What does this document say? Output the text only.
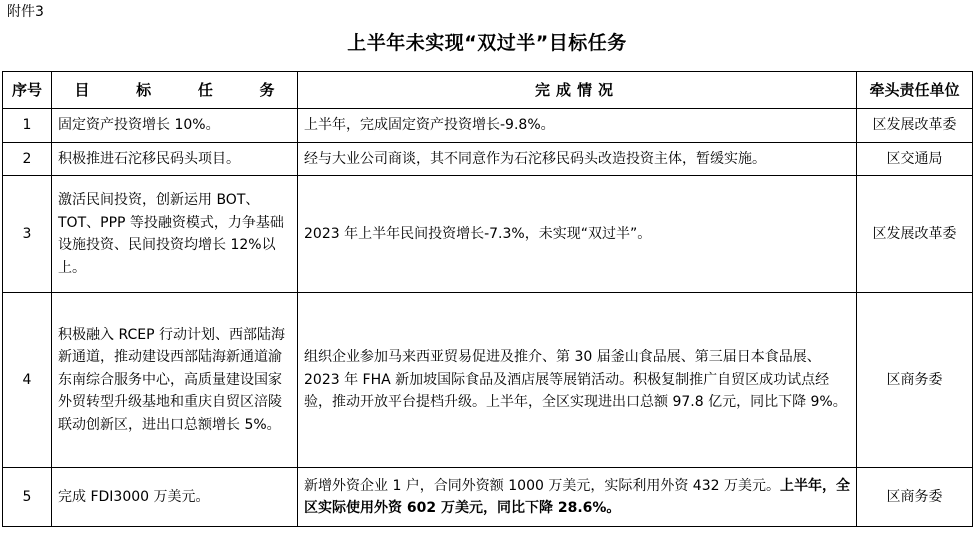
附件3
上半年未实现“双过半”目标任务
序号	目　　标　　任　　务	完成情况	牵头责任单位
1	固定资产投资增长 10%。	上半年，完成固定资产投资增长-9.8%。	区发展改革委
2	积极推进石沱移民码头项目。	经与大业公司商谈，其不同意作为石沱移民码头改造投资主体，暂缓实施。	区交通局
3	激活民间投资，创新运用 BOT、TOT、PPP 等投融资模式，力争基础设施投资、民间投资均增长 12%以上。	2023 年上半年民间投资增长-7.3%，未实现“双过半”。	区发展改革委
4	积极融入 RCEP 行动计划、西部陆海新通道，推动建设西部陆海新通道渝东南综合服务中心，高质量建设国家外贸转型升级基地和重庆自贸区涪陵联动创新区，进出口总额增长 5%。	组织企业参加马来西亚贸易促进及推介、第 30 届釜山食品展、第三届日本食品展、2023 年 FHA 新加坡国际食品及酒店展等展销活动。积极复制推广自贸区成功试点经验，推动开放平台提档升级。上半年，全区实现进出口总额 97.8 亿元，同比下降 9%。	区商务委
5	完成 FDI3000 万美元。	新增外资企业 1 户，合同外资额 1000 万美元，实际利用外资 432 万美元。上半年，全区实际使用外资 602 万美元，同比下降 28.6%。	区商务委
